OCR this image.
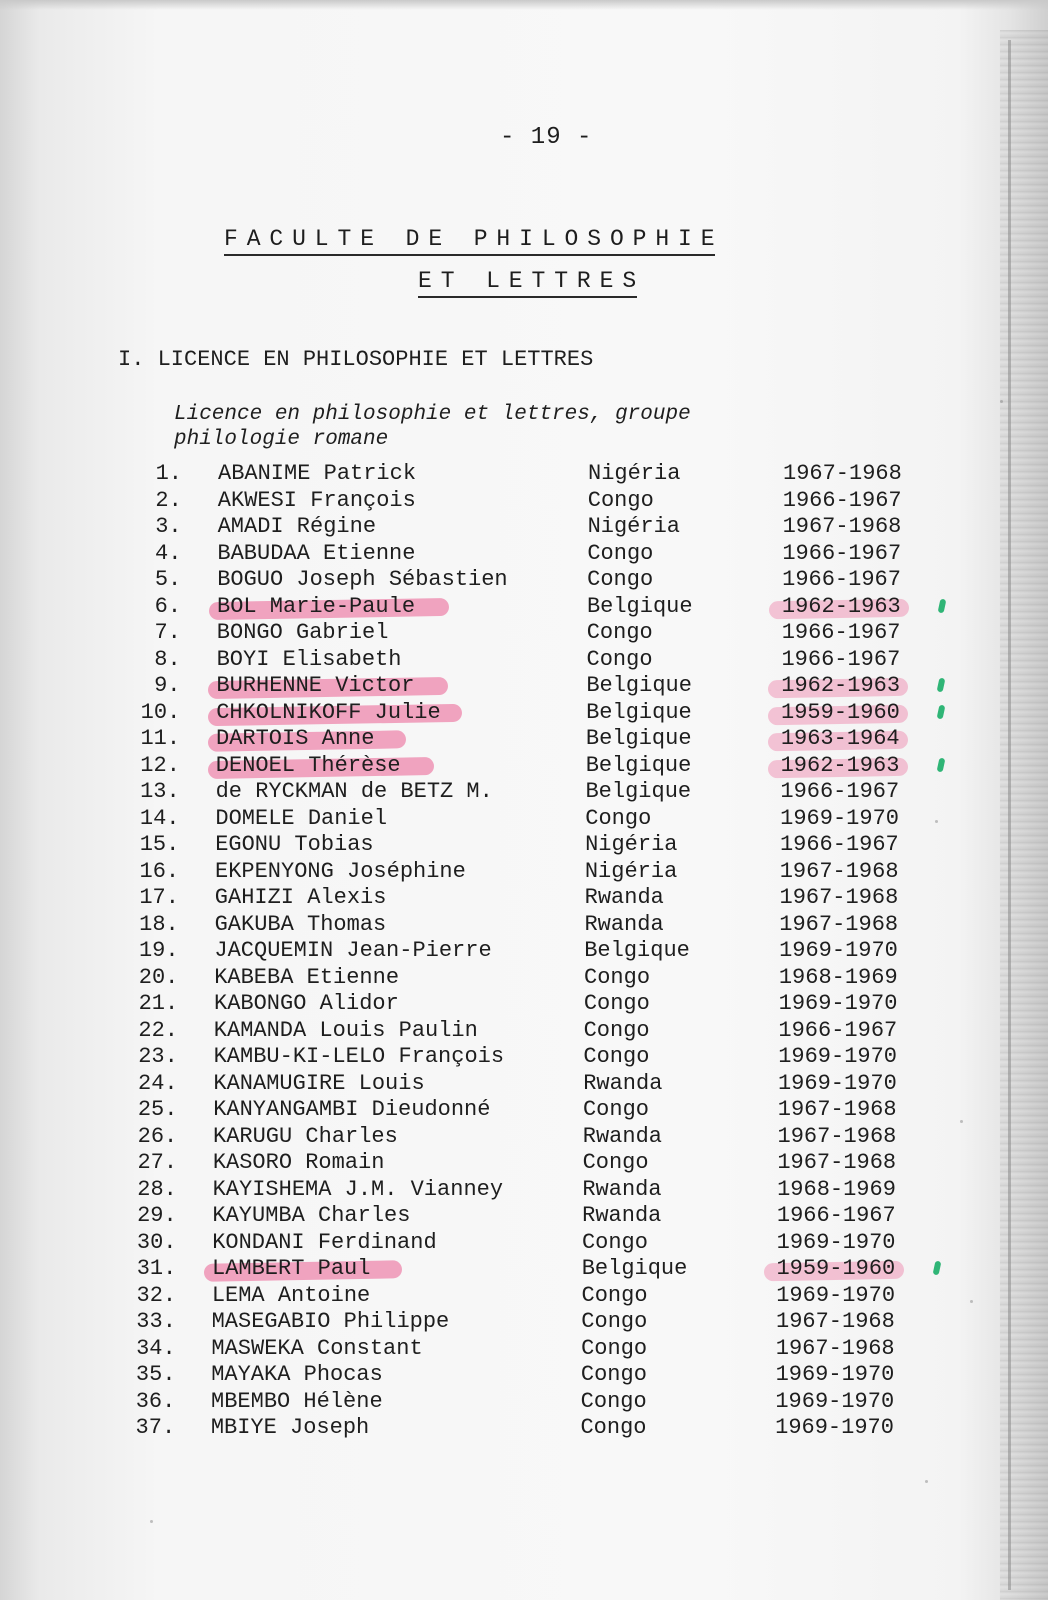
- 19 -
FACULTE DE PHILOSOPHIE
ET LETTRES
I. LICENCE EN PHILOSOPHIE ET LETTRES
Licence en philosophie et lettres, groupe
philologie romane
1. ABANIME Patrick	Nigéria	1967-1968
2. AKWESI François	Congo	1966-1967
3. AMADI Régine	Nigéria	1967-1968
4. BABUDAA Etienne	Congo	1966-1967
5. BOGUO Joseph Sébastien	Congo	1966-1967
6. BOL Marie-Paule	Belgique	1962-1963
7. BONGO Gabriel	Congo	1966-1967
8. BOYI Elisabeth	Congo	1966-1967
9. BURHENNE Victor	Belgique	1962-1963
10. CHKOLNIKOFF Julie	Belgique	1959-1960
11. DARTOIS Anne	Belgique	1963-1964
12. DENOEL Thérèse	Belgique	1962-1963
13. de RYCKMAN de BETZ M.	Belgique	1966-1967
14. DOMELE Daniel	Congo	1969-1970
15. EGONU Tobias	Nigéria	1966-1967
16. EKPENYONG Joséphine	Nigéria	1967-1968
17. GAHIZI Alexis	Rwanda	1967-1968
18. GAKUBA Thomas	Rwanda	1967-1968
19. JACQUEMIN Jean-Pierre	Belgique	1969-1970
20. KABEBA Etienne	Congo	1968-1969
21. KABONGO Alidor	Congo	1969-1970
22. KAMANDA Louis Paulin	Congo	1966-1967
23. KAMBU-KI-LELO François	Congo	1969-1970
24. KANAMUGIRE Louis	Rwanda	1969-1970
25. KANYANGAMBI Dieudonné	Congo	1967-1968
26. KARUGU Charles	Rwanda	1967-1968
27. KASORO Romain	Congo	1967-1968
28. KAYISHEMA J.M. Vianney	Rwanda	1968-1969
29. KAYUMBA Charles	Rwanda	1966-1967
30. KONDANI Ferdinand	Congo	1969-1970
31. LAMBERT Paul	Belgique	1959-1960
32. LEMA Antoine	Congo	1969-1970
33. MASEGABIO Philippe	Congo	1967-1968
34. MASWEKA Constant	Congo	1967-1968
35. MAYAKA Phocas	Congo	1969-1970
36. MBEMBO Hélène	Congo	1969-1970
37. MBIYE Joseph	Congo	1969-1970
